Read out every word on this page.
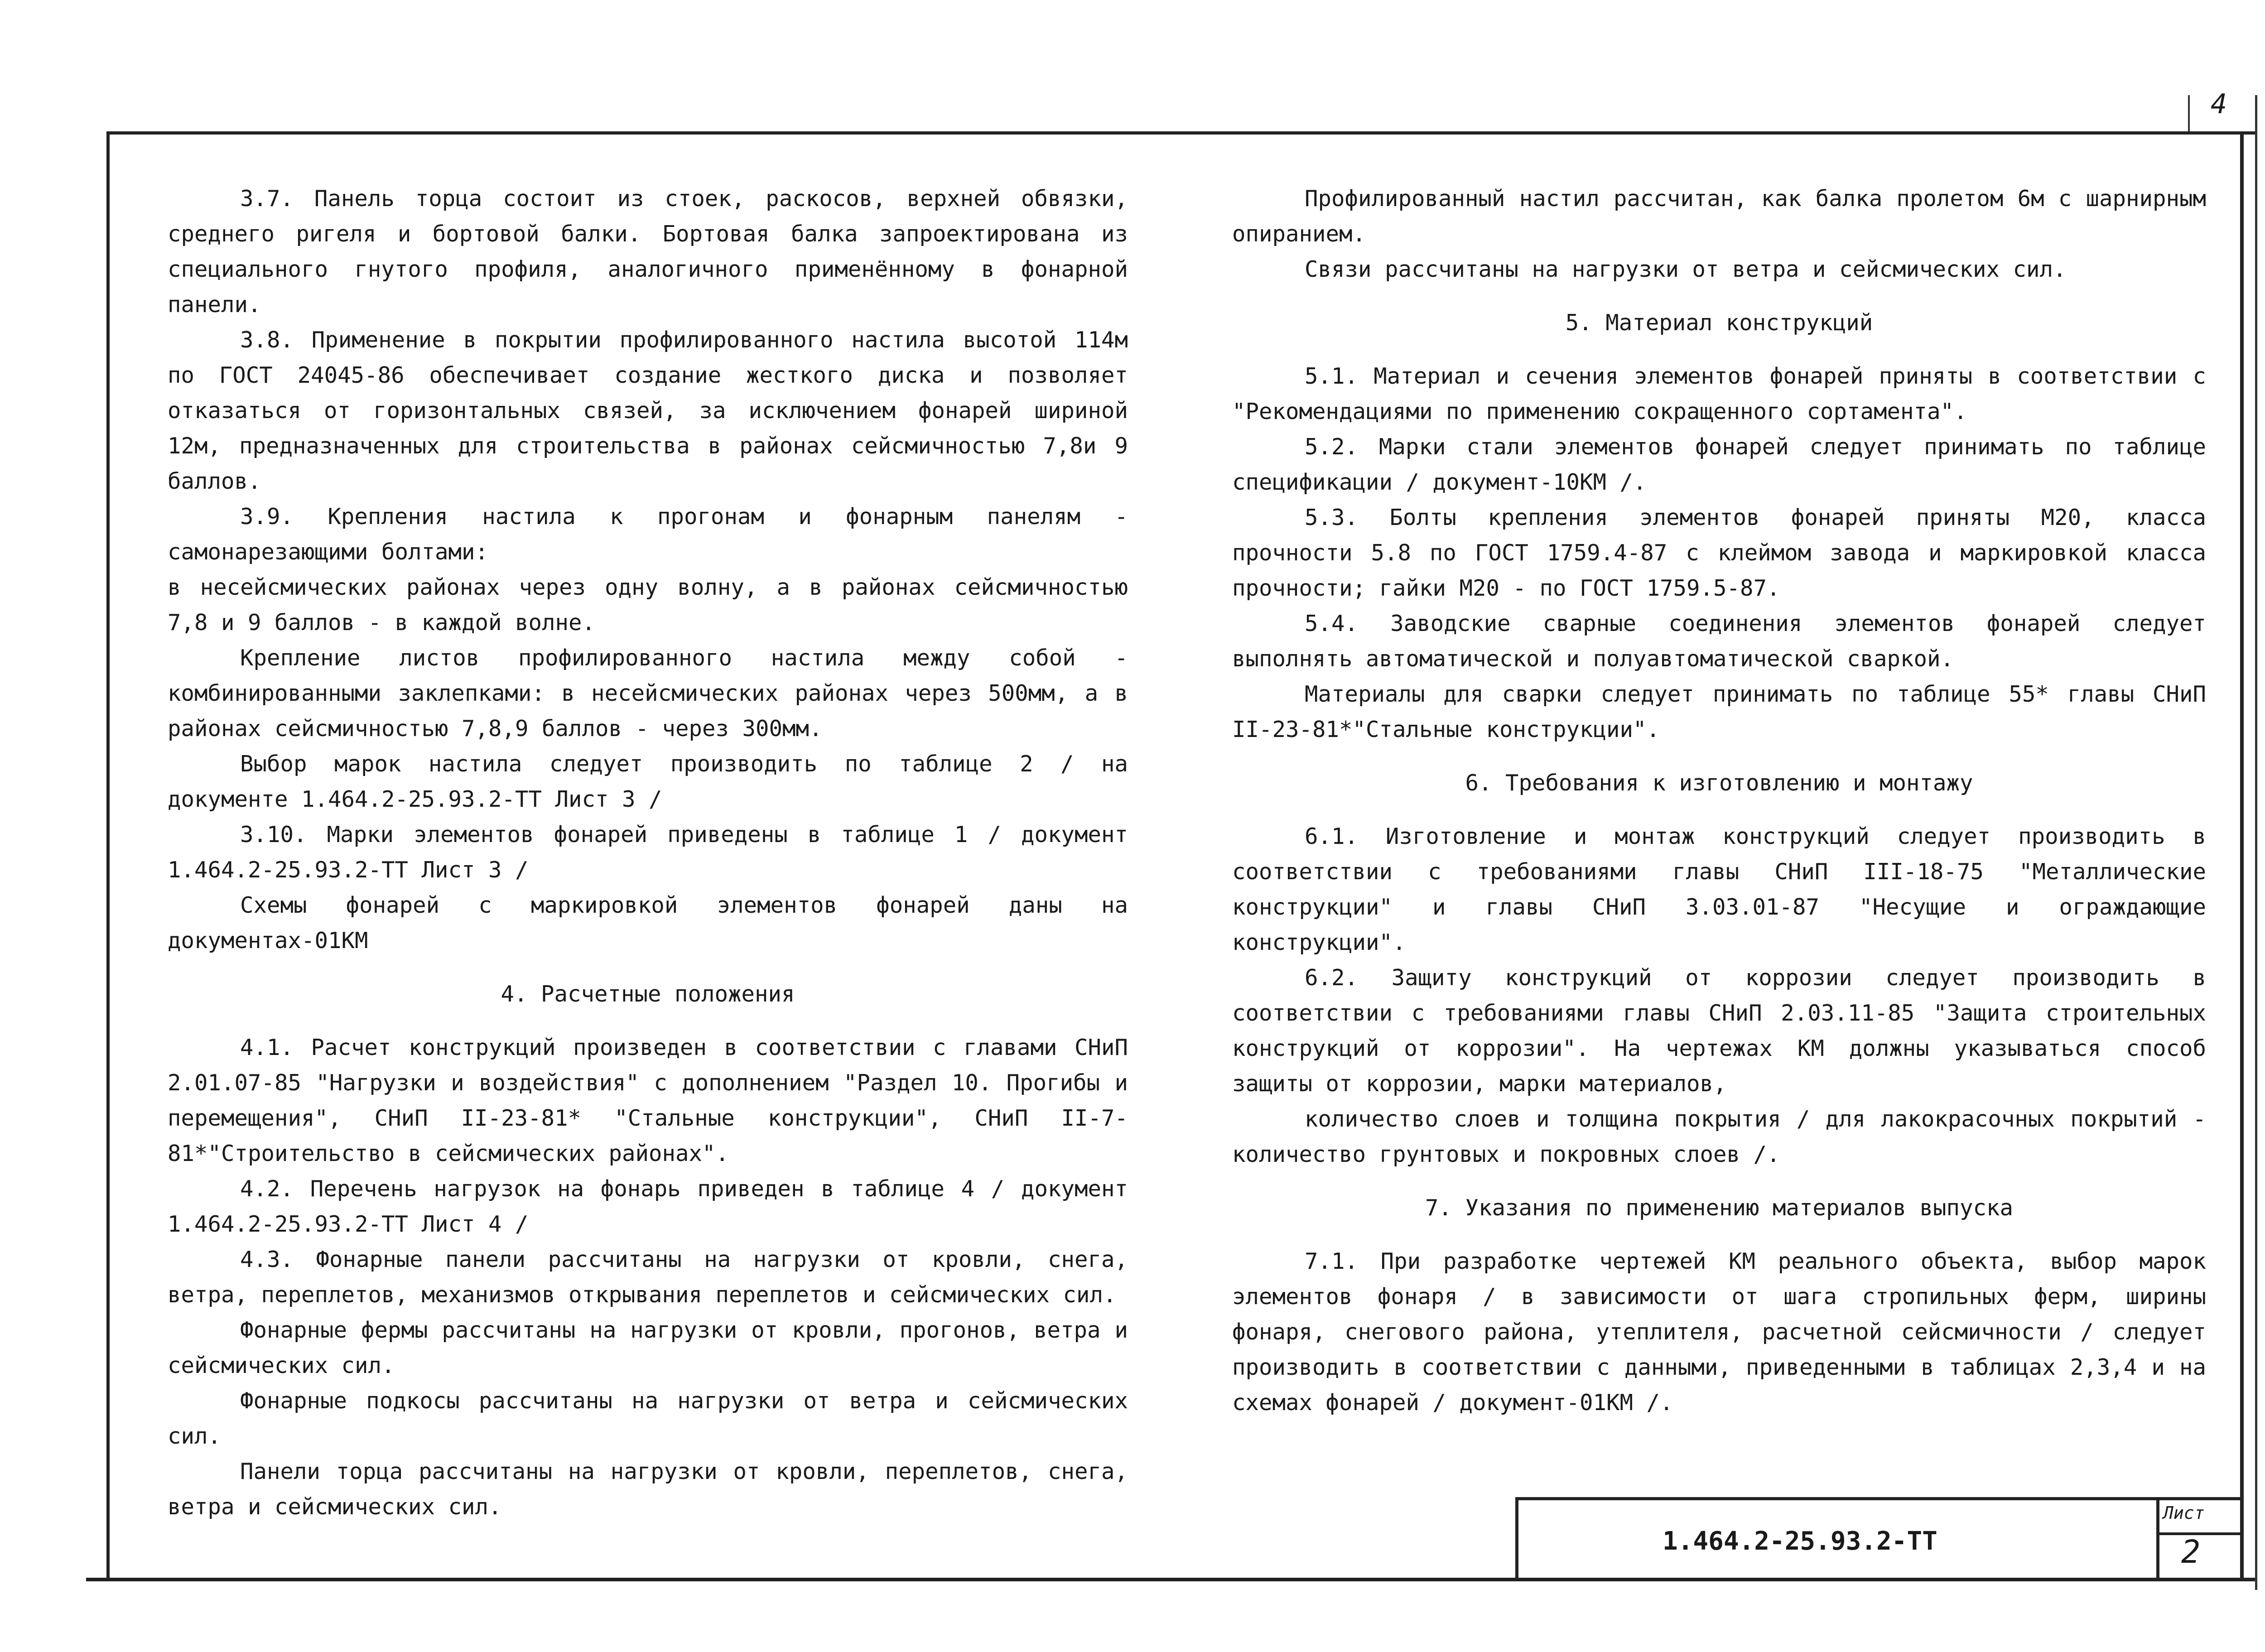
4

3.7. Панель торца состоит из стоек, раскосов, верхней обвязки, среднего ригеля и бортовой балки. Бортовая балка запроектирована из специального гнутого профиля, аналогичного применённому в фонарной панели.

3.8. Применение в покрытии профилированного настила высотой 114м по ГОСТ 24045-86 обеспечивает создание жесткого диска и позволяет отказаться от горизонтальных связей, за исключением фонарей шириной 12м, предназначенных для строительства в районах сейсмичностью 7,8и 9 баллов.

3.9. Крепления настила к прогонам и фонарным панелям - самонарезающими болтами:

в несейсмических районах через одну волну, а в районах сейсмичностью 7,8 и 9 баллов - в каждой волне.

Крепление листов профилированного настила между собой - комбинированными заклепками: в несейсмических районах через 500мм, а в районах сейсмичностью 7,8,9 баллов - через 300мм.

Выбор марок настила следует производить по таблице 2 / на документе 1.464.2-25.93.2-ТТ Лист 3 /

3.10. Марки элементов фонарей приведены в таблице 1 / документ 1.464.2-25.93.2-ТТ Лист 3 /

Схемы фонарей с маркировкой элементов фонарей даны на документах-01КМ

4. Расчетные положения

4.1. Расчет конструкций произведен в соответствии с главами СНиП 2.01.07-85 "Нагрузки и воздействия" с дополнением "Раздел 10. Прогибы и перемещения", СНиП II-23-81* "Стальные конструкции", СНиП II-7-81*"Строительство в сейсмических районах".

4.2. Перечень нагрузок на фонарь приведен в таблице 4 / документ 1.464.2-25.93.2-ТТ Лист 4 /

4.3. Фонарные панели рассчитаны на нагрузки от кровли, снега, ветра, переплетов, механизмов открывания переплетов и сейсмических сил.

Фонарные фермы рассчитаны на нагрузки от кровли, прогонов, ветра и сейсмических сил.

Фонарные подкосы рассчитаны на нагрузки от ветра и сейсмических сил.

Панели торца рассчитаны на нагрузки от кровли, переплетов, снега, ветра и сейсмических сил.

Профилированный настил рассчитан, как балка пролетом 6м с шарнирным опиранием.

Связи рассчитаны на нагрузки от ветра и сейсмических сил.

5. Материал конструкций

5.1. Материал и сечения элементов фонарей приняты в соответствии с "Рекомендациями по применению сокращенного сортамента".

5.2. Марки стали элементов фонарей следует принимать по таблице спецификации / документ-10КМ /.

5.3. Болты крепления элементов фонарей приняты М20, класса прочности 5.8 по ГОСТ 1759.4-87 с клеймом завода и маркировкой класса прочности; гайки М20 - по ГОСТ 1759.5-87.

5.4. Заводские сварные соединения элементов фонарей следует выполнять автоматической и полуавтоматической сваркой.

Материалы для сварки следует принимать по таблице 55* главы СНиП II-23-81*"Стальные конструкции".

6. Требования к изготовлению и монтажу

6.1. Изготовление и монтаж конструкций следует производить в соответствии с требованиями главы СНиП III-18-75 "Металлические конструкции" и главы СНиП 3.03.01-87 "Несущие и ограждающие конструкции".

6.2. Защиту конструкций от коррозии следует производить в соответствии с требованиями главы СНиП 2.03.11-85 "Защита строительных конструкций от коррозии". На чертежах КМ должны указываться способ защиты от коррозии, марки материалов,

количество слоев и толщина покрытия / для лакокрасочных покрытий - количество грунтовых и покровных слоев /.

7. Указания по применению материалов выпуска

7.1. При разработке чертежей КМ реального объекта, выбор марок элементов фонаря / в зависимости от шага стропильных ферм, ширины фонаря, снегового района, утеплителя, расчетной сейсмичности / следует производить в соответствии с данными, приведенными в таблицах 2,3,4 и на схемах фонарей / документ-01КМ /.

1.464.2-25.93.2-ТТ
Лист
2
